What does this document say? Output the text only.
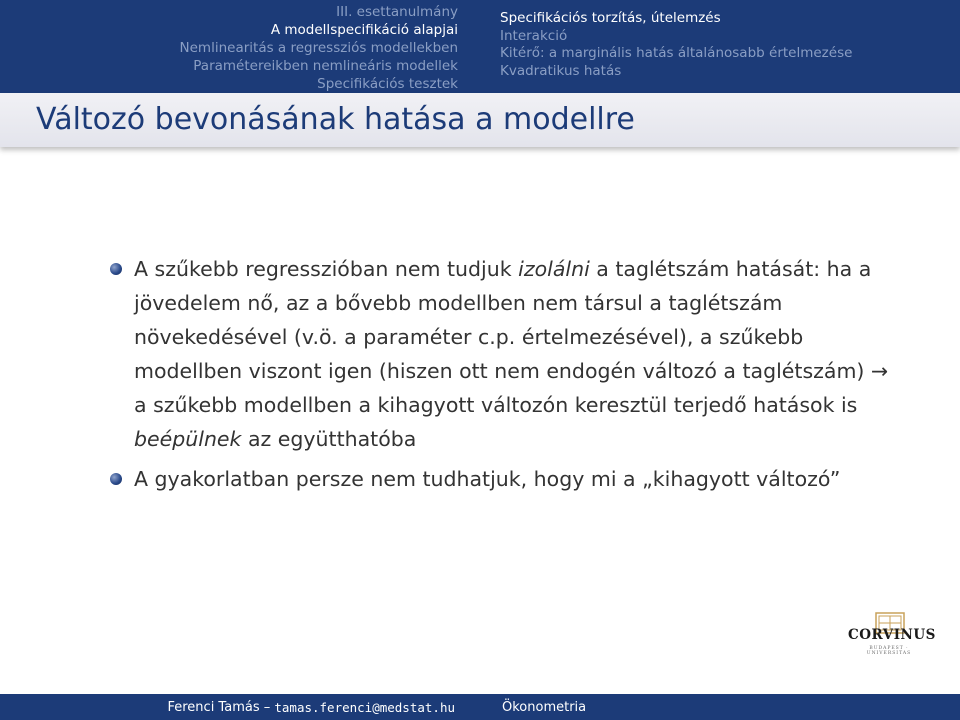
III. esettanulmány
A modellspecifikáció alapjai
Nemlinearitás a regressziós modellekben
Paramétereikben nemlineáris modellek
Specifikációs tesztek
Specifikációs torzítás, útelemzés
Interakció
Kitérő: a marginális hatás általánosabb értelmezése
Kvadratikus hatás
Változó bevonásának hatása a modellre
A szűkebb regresszióban nem tudjuk izolálni a taglétszám hatását: ha a jövedelem nő, az a bővebb modellben nem társul a taglétszám növekedésével (v.ö. a paraméter c.p. értelmezésével), a szűkebb modellben viszont igen (hiszen ott nem endogén változó a taglétszám) → a szűkebb modellben a kihagyott változón keresztül terjedő hatások is beépülnek az együtthatóba
A gyakorlatban persze nem tudhatjuk, hogy mi a „kihagyott változó”
CORVINUS
BUDAPEST · UNIVERSITAS
Ferenci Tamás – tamas.ferenci@medstat.hu	Ökonometria
